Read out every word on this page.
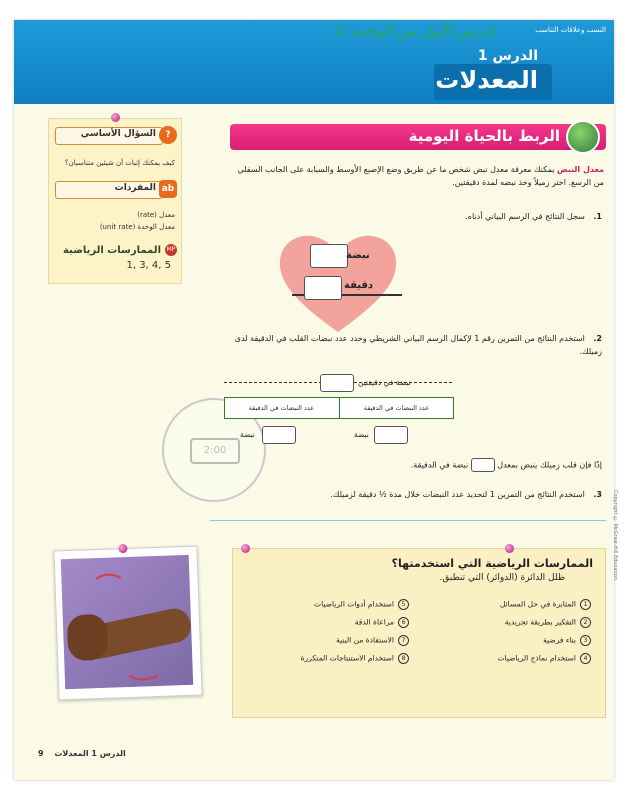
النسب وعلاقات التناسب
الدرس 1
المعدلات
لدرس الأول من الوحدة ①
السؤال الأساسي	?
كيف يمكنك إثبات أن شيئين متناسبان؟
المفردات ab
معدل (rate)
معدل الوحدة (unit rate)
MP
الممارسات الرياضية
1, 3, 4, 5
الربط بالحياة اليومية
معدل النبض يمكنك معرفة معدل نبض شخص ما عن طريق وضع الإصبع الأوسط والسبابة على الجانب السفلي من الرسغ. اختر زميلاً وخذ نبضه لمدة دقيقتين.
1. سجل النتائج في الرسم البياني أدناه.
نبضة
دقيقة
2. استخدم النتائج من التمرين رقم 1 لإكمال الرسم البياني الشريطي وحدد عدد نبضات القلب في الدقيقة لدى زميلك.
2:00
نبضة في دقيقتين
عدد النبضات في الدقيقة
عدد النبضات في الدقيقة
نبضة
نبضة
إذًا فإن قلب زميلك ينبض بمعدل  نبضة في الدقيقة.
3. استخدم النتائج من التمرين 1 لتحديد عدد النبضات خلال مدة ½ دقيقة لزميلك.
الممارسات الرياضية التي استخدمتها؟
ظلل الدائرة (الدوائر) التي تنطبق.
1المثابرة في حل المسائل
2التفكير بطريقة تجريدية
3بناء فرضية
4استخدام نماذج الرياضيات
5استخدام أدوات الرياضيات
6مراعاة الدقة
7الاستفادة من البنية
8استخدام الاستنتاجات المتكررة
Copyright © McGraw-Hill Education
الدرس 1 المعدلات 9
